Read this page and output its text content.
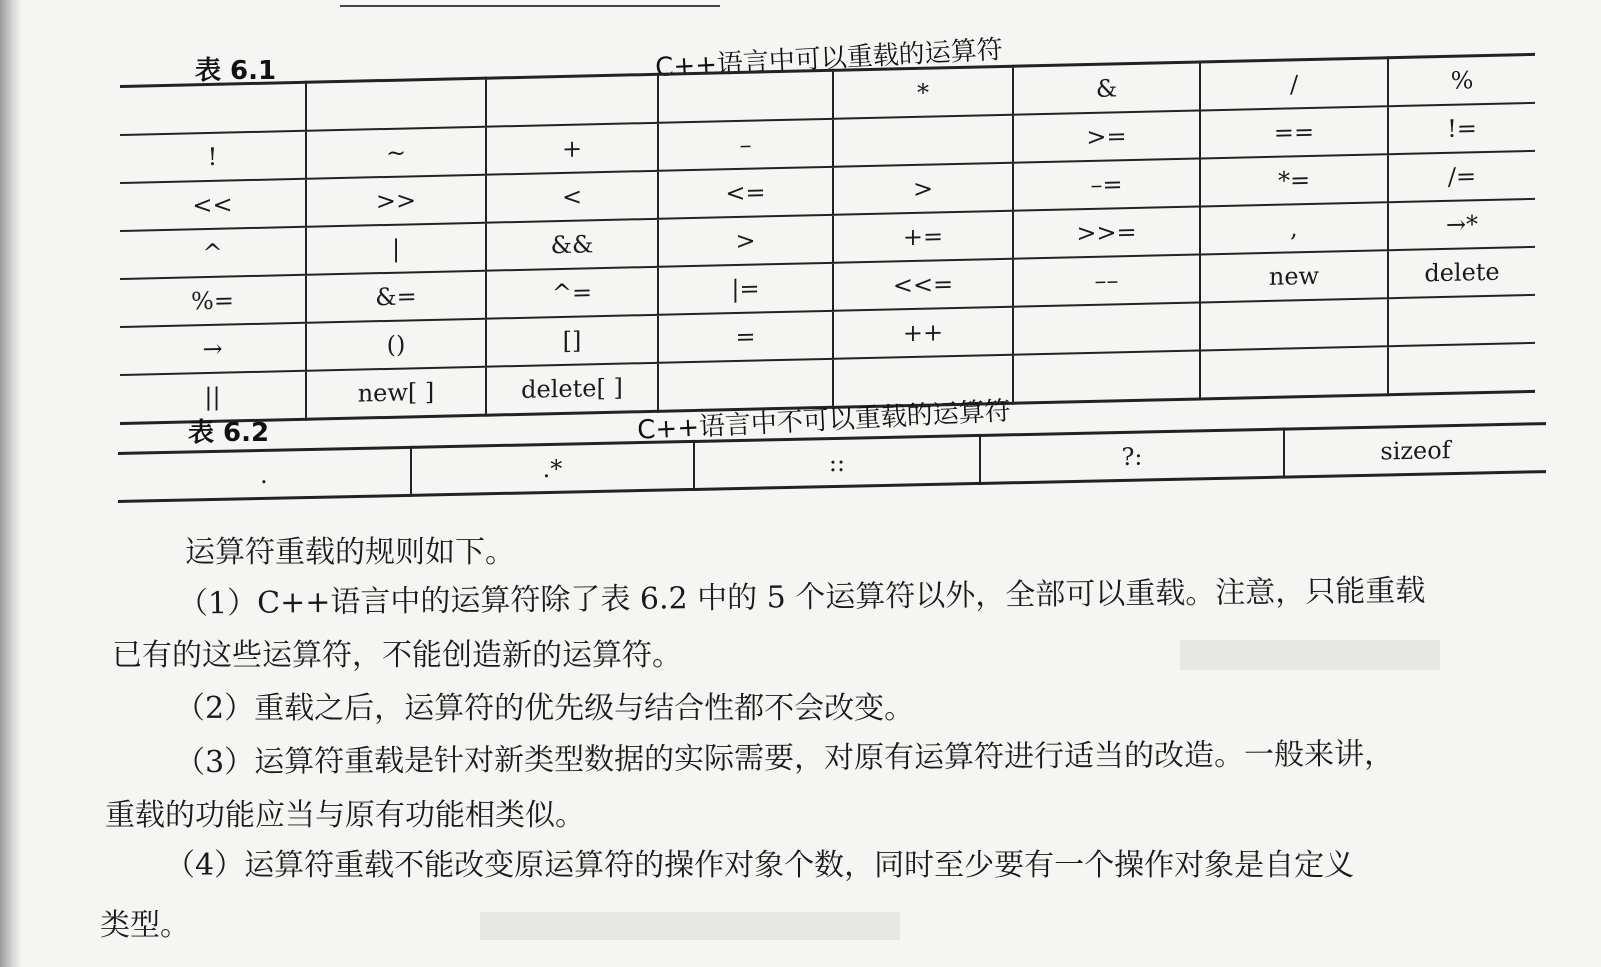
表 6.1	C++语言中可以重载的运算符
				*	&	/	%
!	~	+	–		>=	==	!=
<<	>>	<	<=	>	–=	*=	/=
^	|	&&	>	+=	>>=	,	→*
%=	&=	^=	|=	<<=	––	new	delete
→	()	[]	=	++			
||	new[ ]	delete[ ]					
表 6.2	C++语言中不可以重载的运算符
.	.*	::	?:	sizeof
运算符重载的规则如下。
（1）C++语言中的运算符除了表 6.2 中的 5 个运算符以外，全部可以重载。注意，只能重载
已有的这些运算符，不能创造新的运算符。
（2）重载之后，运算符的优先级与结合性都不会改变。
（3）运算符重载是针对新类型数据的实际需要，对原有运算符进行适当的改造。一般来讲，
重载的功能应当与原有功能相类似。
（4）运算符重载不能改变原运算符的操作对象个数，同时至少要有一个操作对象是自定义
类型。
